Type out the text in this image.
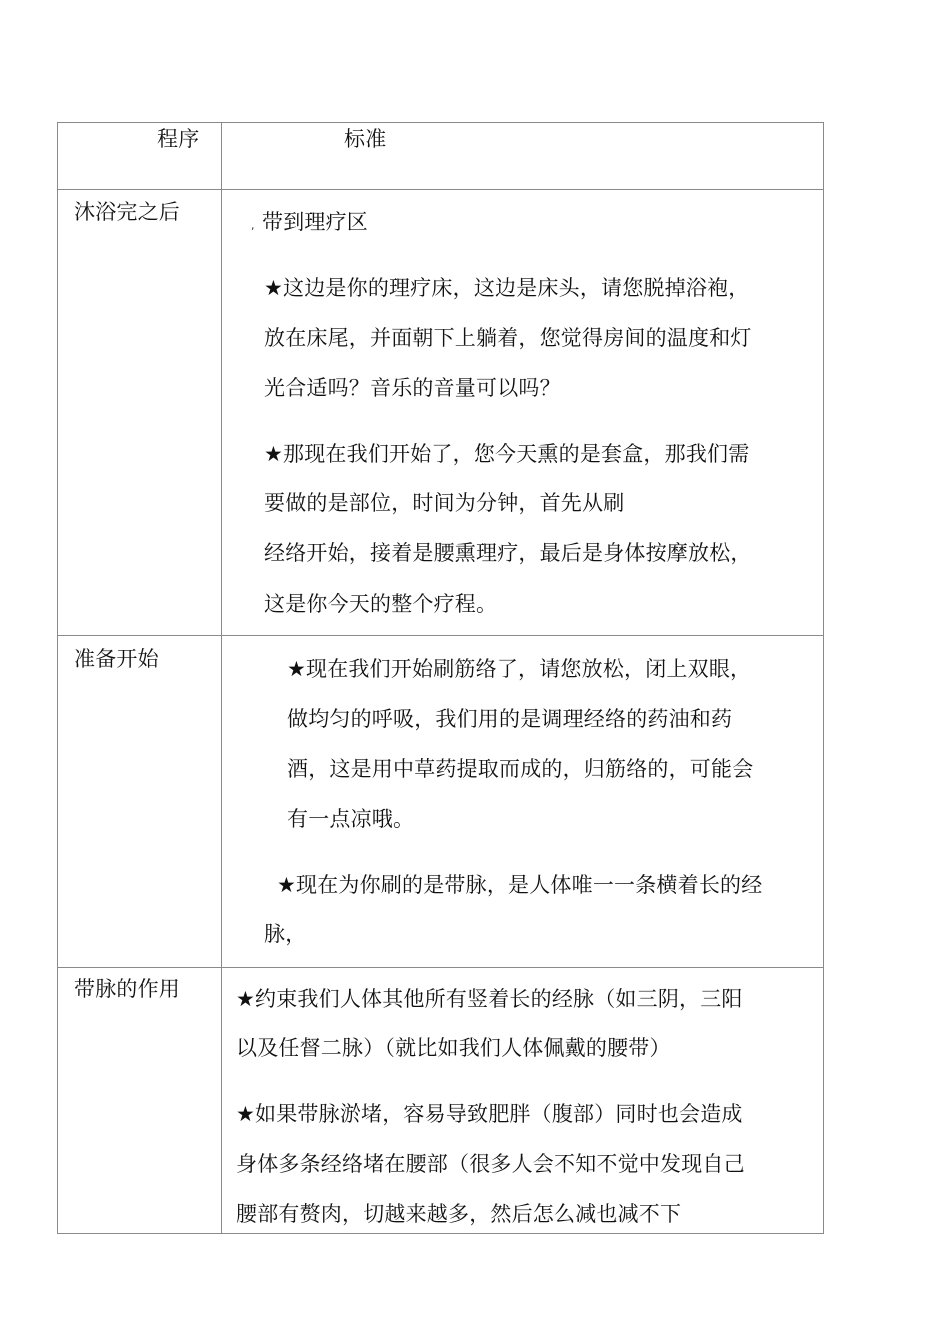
程序	标准
沐浴完之后
, 带到理疗区
★这边是你的理疗床，这边是床头，请您脱掉浴袍，
放在床尾，并面朝下上躺着，您觉得房间的温度和灯
光合适吗？音乐的音量可以吗？
★那现在我们开始了，您今天熏的是套盒，那我们需
要做的是部位，时间为分钟，首先从刷
经络开始，接着是腰熏理疗，最后是身体按摩放松，
这是你今天的整个疗程。
准备开始	★现在我们开始刷筋络了，请您放松，闭上双眼，
做均匀的呼吸，我们用的是调理经络的药油和药
酒，这是用中草药提取而成的，归筋络的，可能会
有一点凉哦。
★现在为你刷的是带脉，是人体唯一一条横着长的经
脉，
带脉的作用	★约束我们人体其他所有竖着长的经脉（如三阴，三阳
以及任督二脉）（就比如我们人体佩戴的腰带）
★如果带脉淤堵，容易导致肥胖（腹部）同时也会造成
身体多条经络堵在腰部（很多人会不知不觉中发现自己
腰部有赘肉，切越来越多，然后怎么减也减不下
